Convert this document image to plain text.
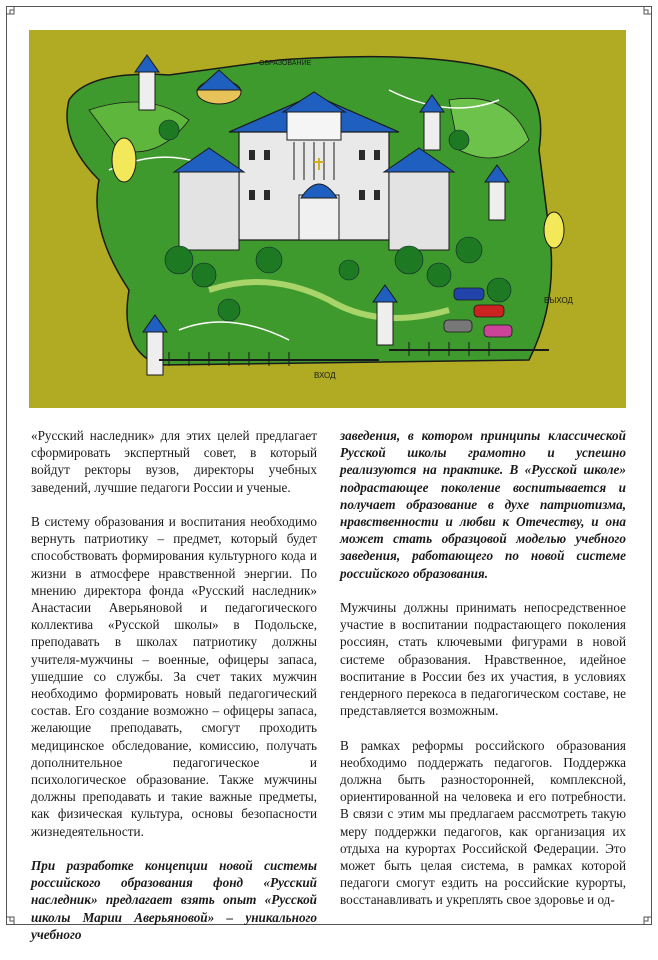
ВЫХОД
ВХОД
ОБРАЗОВАНИЕ

«Русский наследник» для этих целей предлагает сформировать экспертный совет, в который войдут ректоры вузов, директоры учебных заведений, лучшие педагоги России и ученые.

В систему образования и воспитания необходимо вернуть патриотику – предмет, который будет способствовать формирования культурного кода и жизни в атмосфере нравственной энергии. По мнению директора фонда «Русский наследник» Анастасии Аверьяновой и педагогического коллектива «Русской школы» в Подольске, преподавать в школах патриотику должны учителя-мужчины – военные, офицеры запаса, ушедшие со службы. За счет таких мужчин необходимо формировать новый педагогический состав. Его создание возможно – офицеры запаса, желающие преподавать, смогут проходить медицинское обследование, комиссию, получать дополнительное педагогическое и психологическое образование. Также мужчины должны преподавать и такие важные предметы, как физическая культура, основы безопасности жизнедеятельности.

При разработке концепции новой системы российского образования фонд «Русский наследник» предлагает взять опыт «Русской школы Марии Аверьяновой» – уникального учебного

заведения, в котором принципы классической Русской школы грамотно и успешно реализуются на практике. В «Русской школе» подрастающее поколение воспитывается и получает образование в духе патриотизма, нравственности и любви к Отечеству, и она может стать образцовой моделью учебного заведения, работающего по новой системе российского образования.

Мужчины должны принимать непосредственное участие в воспитании подрастающего поколения россиян, стать ключевыми фигурами в новой системе образования. Нравственное, идейное воспитание в России без их участия, в условиях гендерного перекоса в педагогическом составе, не представляется возможным.

В рамках реформы российского образования необходимо поддержать педагогов. Поддержка должна быть разносторонней, комплексной, ориентированной на человека и его потребности. В связи с этим мы предлагаем рассмотреть такую меру поддержки педагогов, как организация их отдыха на курортах Российской Федерации. Это может быть целая система, в рамках которой педагоги смогут ездить на российские курорты, восстанавливать и укреплять свое здоровье и од-
